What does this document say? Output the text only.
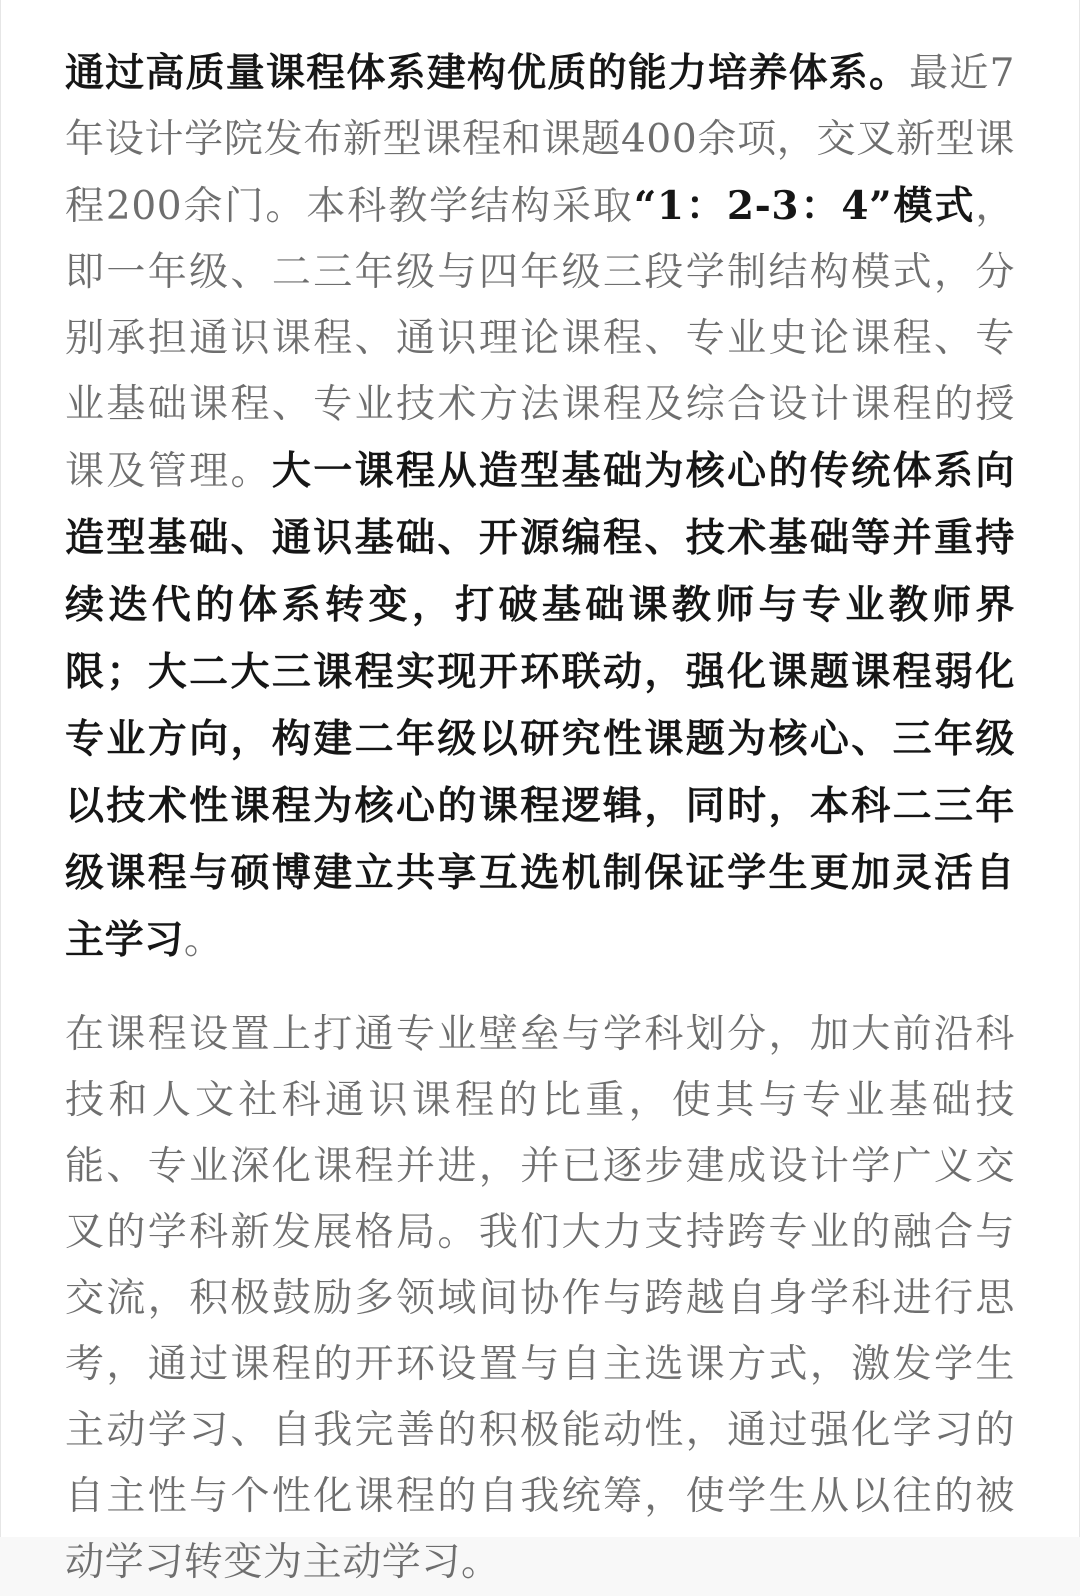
通过高质量课程体系建构优质的能力培养体系。最近7年设计学院发布新型课程和课题400余项，交叉新型课程200余门。本科教学结构采取“1：2-3：4”模式，即一年级、二三年级与四年级三段学制结构模式，分别承担通识课程、通识理论课程、专业史论课程、专业基础课程、专业技术方法课程及综合设计课程的授课及管理。大一课程从造型基础为核心的传统体系向造型基础、通识基础、开源编程、技术基础等并重持续迭代的体系转变，打破基础课教师与专业教师界限；大二大三课程实现开环联动，强化课题课程弱化专业方向，构建二年级以研究性课题为核心、三年级以技术性课程为核心的课程逻辑，同时，本科二三年级课程与硕博建立共享互选机制保证学生更加灵活自主学习。

在课程设置上打通专业壁垒与学科划分，加大前沿科技和人文社科通识课程的比重，使其与专业基础技能、专业深化课程并进，并已逐步建成设计学广义交叉的学科新发展格局。我们大力支持跨专业的融合与交流，积极鼓励多领域间协作与跨越自身学科进行思考，通过课程的开环设置与自主选课方式，激发学生主动学习、自我完善的积极能动性，通过强化学习的自主性与个性化课程的自我统筹，使学生从以往的被动学习转变为主动学习。
